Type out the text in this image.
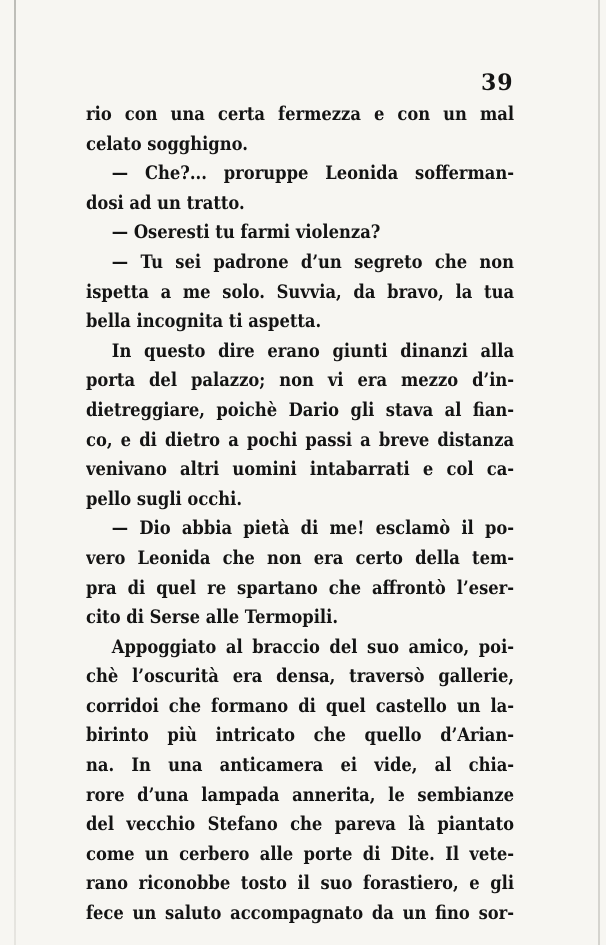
39
rio con una certa fermezza e con un mal
celato sogghigno.
— Che?... proruppe Leonida sofferman-
dosi ad un tratto.
— Oseresti tu farmi violenza?
— Tu sei padrone d’un segreto che non
ispetta a me solo. Suvvia, da bravo, la tua
bella incognita ti aspetta.
In questo dire erano giunti dinanzi alla
porta del palazzo; non vi era mezzo d’in-
dietreggiare, poichè Dario gli stava al fian-
co, e di dietro a pochi passi a breve distanza
venivano altri uomini intabarrati e col ca-
pello sugli occhi.
— Dio abbia pietà di me! esclamò il po-
vero Leonida che non era certo della tem-
pra di quel re spartano che affrontò l’eser-
cito di Serse alle Termopili.
Appoggiato al braccio del suo amico, poi-
chè l’oscurità era densa, traversò gallerie,
corridoi che formano di quel castello un la-
birinto più intricato che quello d’Arian-
na. In una anticamera ei vide, al chia-
rore d’una lampada annerita, le sembianze
del vecchio Stefano che pareva là piantato
come un cerbero alle porte di Dite. Il vete-
rano riconobbe tosto il suo forastiero, e gli
fece un saluto accompagnato da un fino sor-
